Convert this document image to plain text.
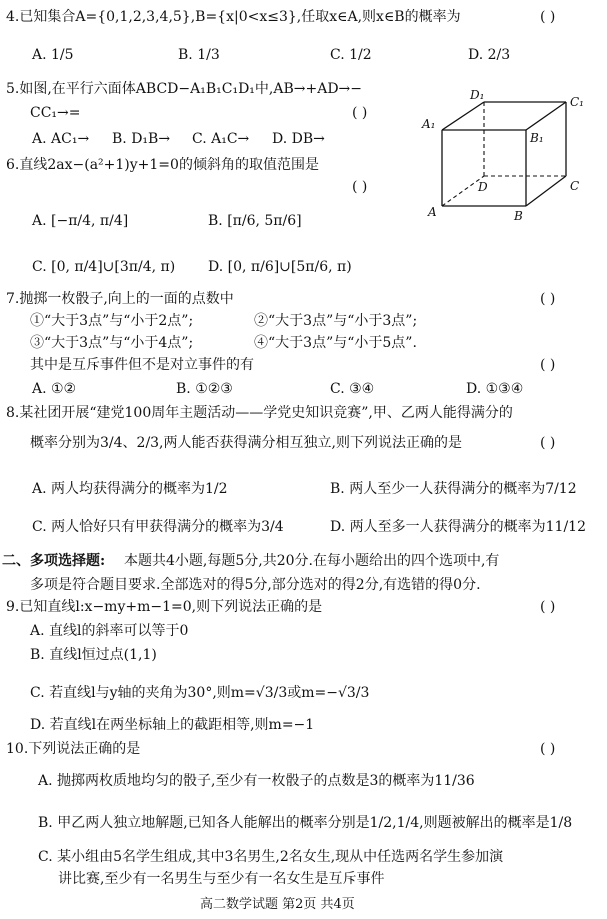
4.已知集合A={0,1,2,3,4,5},B={x|0<x≤3},任取x∈A,则x∈B的概率为	( )
A. 1/5	B. 1/3	C. 1/2	D. 2/3
5.如图,在平行六面体ABCD−A₁B₁C₁D₁中,AB→+AD→−
CC₁→=	( )
A. AC₁→ B. D₁B→ C. A₁C→ D. DB→
D₁	C₁
A₁
B₁
D	C
A	B
6.直线2ax−(a²+1)y+1=0的倾斜角的取值范围是
( )
A. [−π/4, π/4]	B. [π/6, 5π/6]
C. [0, π/4]∪[3π/4, π) D. [0, π/6]∪[5π/6, π)
7.抛掷一枚骰子,向上的一面的点数中	( )
①“大于3点”与“小于2点”;	②“大于3点”与“小于3点”;
③“大于3点”与“小于4点”;	④“大于3点”与“小于5点”.
其中是互斥事件但不是对立事件的有	( )
A. ①②	B. ①②③	C. ③④	D. ①③④
8.某社团开展“建党100周年主题活动——学党史知识竞赛”,甲、乙两人能得满分的
概率分别为3/4、2/3,两人能否获得满分相互独立,则下列说法正确的是	( )
A. 两人均获得满分的概率为1/2	B. 两人至少一人获得满分的概率为7/12
C. 两人恰好只有甲获得满分的概率为3/4	D. 两人至多一人获得满分的概率为11/12
二、多项选择题: 本题共4小题,每题5分,共20分.在每小题给出的四个选项中,有
多项是符合题目要求.全部选对的得5分,部分选对的得2分,有选错的得0分.
9.已知直线l:x−my+m−1=0,则下列说法正确的是	( )
A. 直线l的斜率可以等于0
B. 直线l恒过点(1,1)
C. 若直线l与y轴的夹角为30°,则m=√3/3或m=−√3/3
D. 若直线l在两坐标轴上的截距相等,则m=−1
10.下列说法正确的是	( )
A. 抛掷两枚质地均匀的骰子,至少有一枚骰子的点数是3的概率为11/36
B. 甲乙两人独立地解题,已知各人能解出的概率分别是1/2,1/4,则题被解出的概率是1/8
C. 某小组由5名学生组成,其中3名男生,2名女生,现从中任选两名学生参加演
讲比赛,至少有一名男生与至少有一名女生是互斥事件
高二数学试题 第2页 共4页
